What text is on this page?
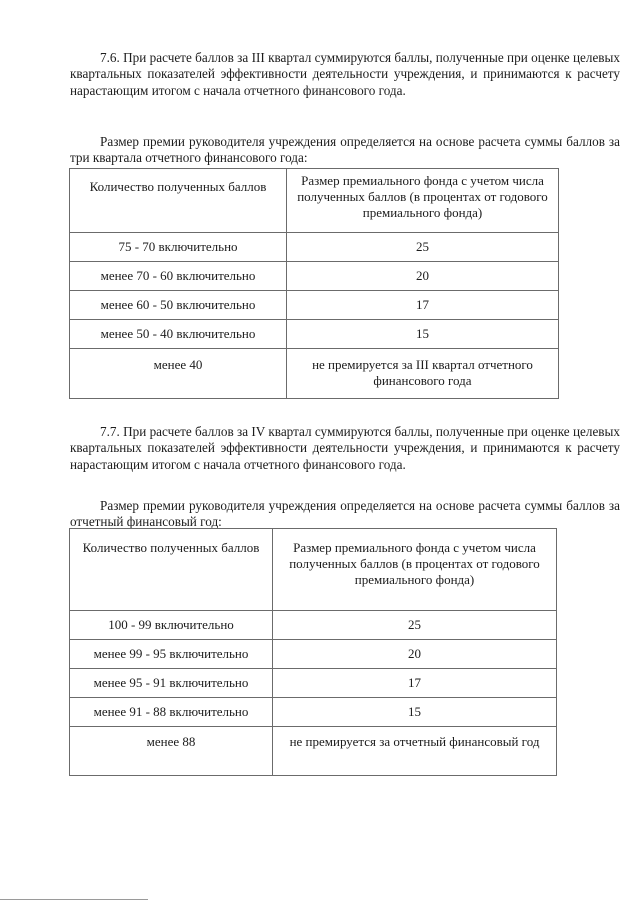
7.6. При расчете баллов за III квартал суммируются баллы, полученные при оценке целевых квартальных показателей эффективности деятельности учреждения, и принимаются к расчету нарастающим итогом с начала отчетного финансового года.

Размер премии руководителя учреждения определяется на основе расчета суммы баллов за три квартала отчетного финансового года:

Количество полученных баллов	Размер премиального фонда с учетом числа полученных баллов (в процентах от годового премиального фонда)
75 - 70 включительно	25
менее 70 - 60 включительно	20
менее 60 - 50 включительно	17
менее 50 - 40 включительно	15
менее 40	не премируется за III квартал отчетного финансового года

7.7. При расчете баллов за IV квартал суммируются баллы, полученные при оценке целевых квартальных показателей эффективности деятельности учреждения, и принимаются к расчету нарастающим итогом с начала отчетного финансового года.

Размер премии руководителя учреждения определяется на основе расчета суммы баллов за отчетный финансовый год:

Количество полученных баллов	Размер премиального фонда с учетом числа полученных баллов (в процентах от годового премиального фонда)
100 - 99 включительно	25
менее 99 - 95 включительно	20
менее 95 - 91 включительно	17
менее 91 - 88 включительно	15
менее 88	не премируется за отчетный финансовый год
